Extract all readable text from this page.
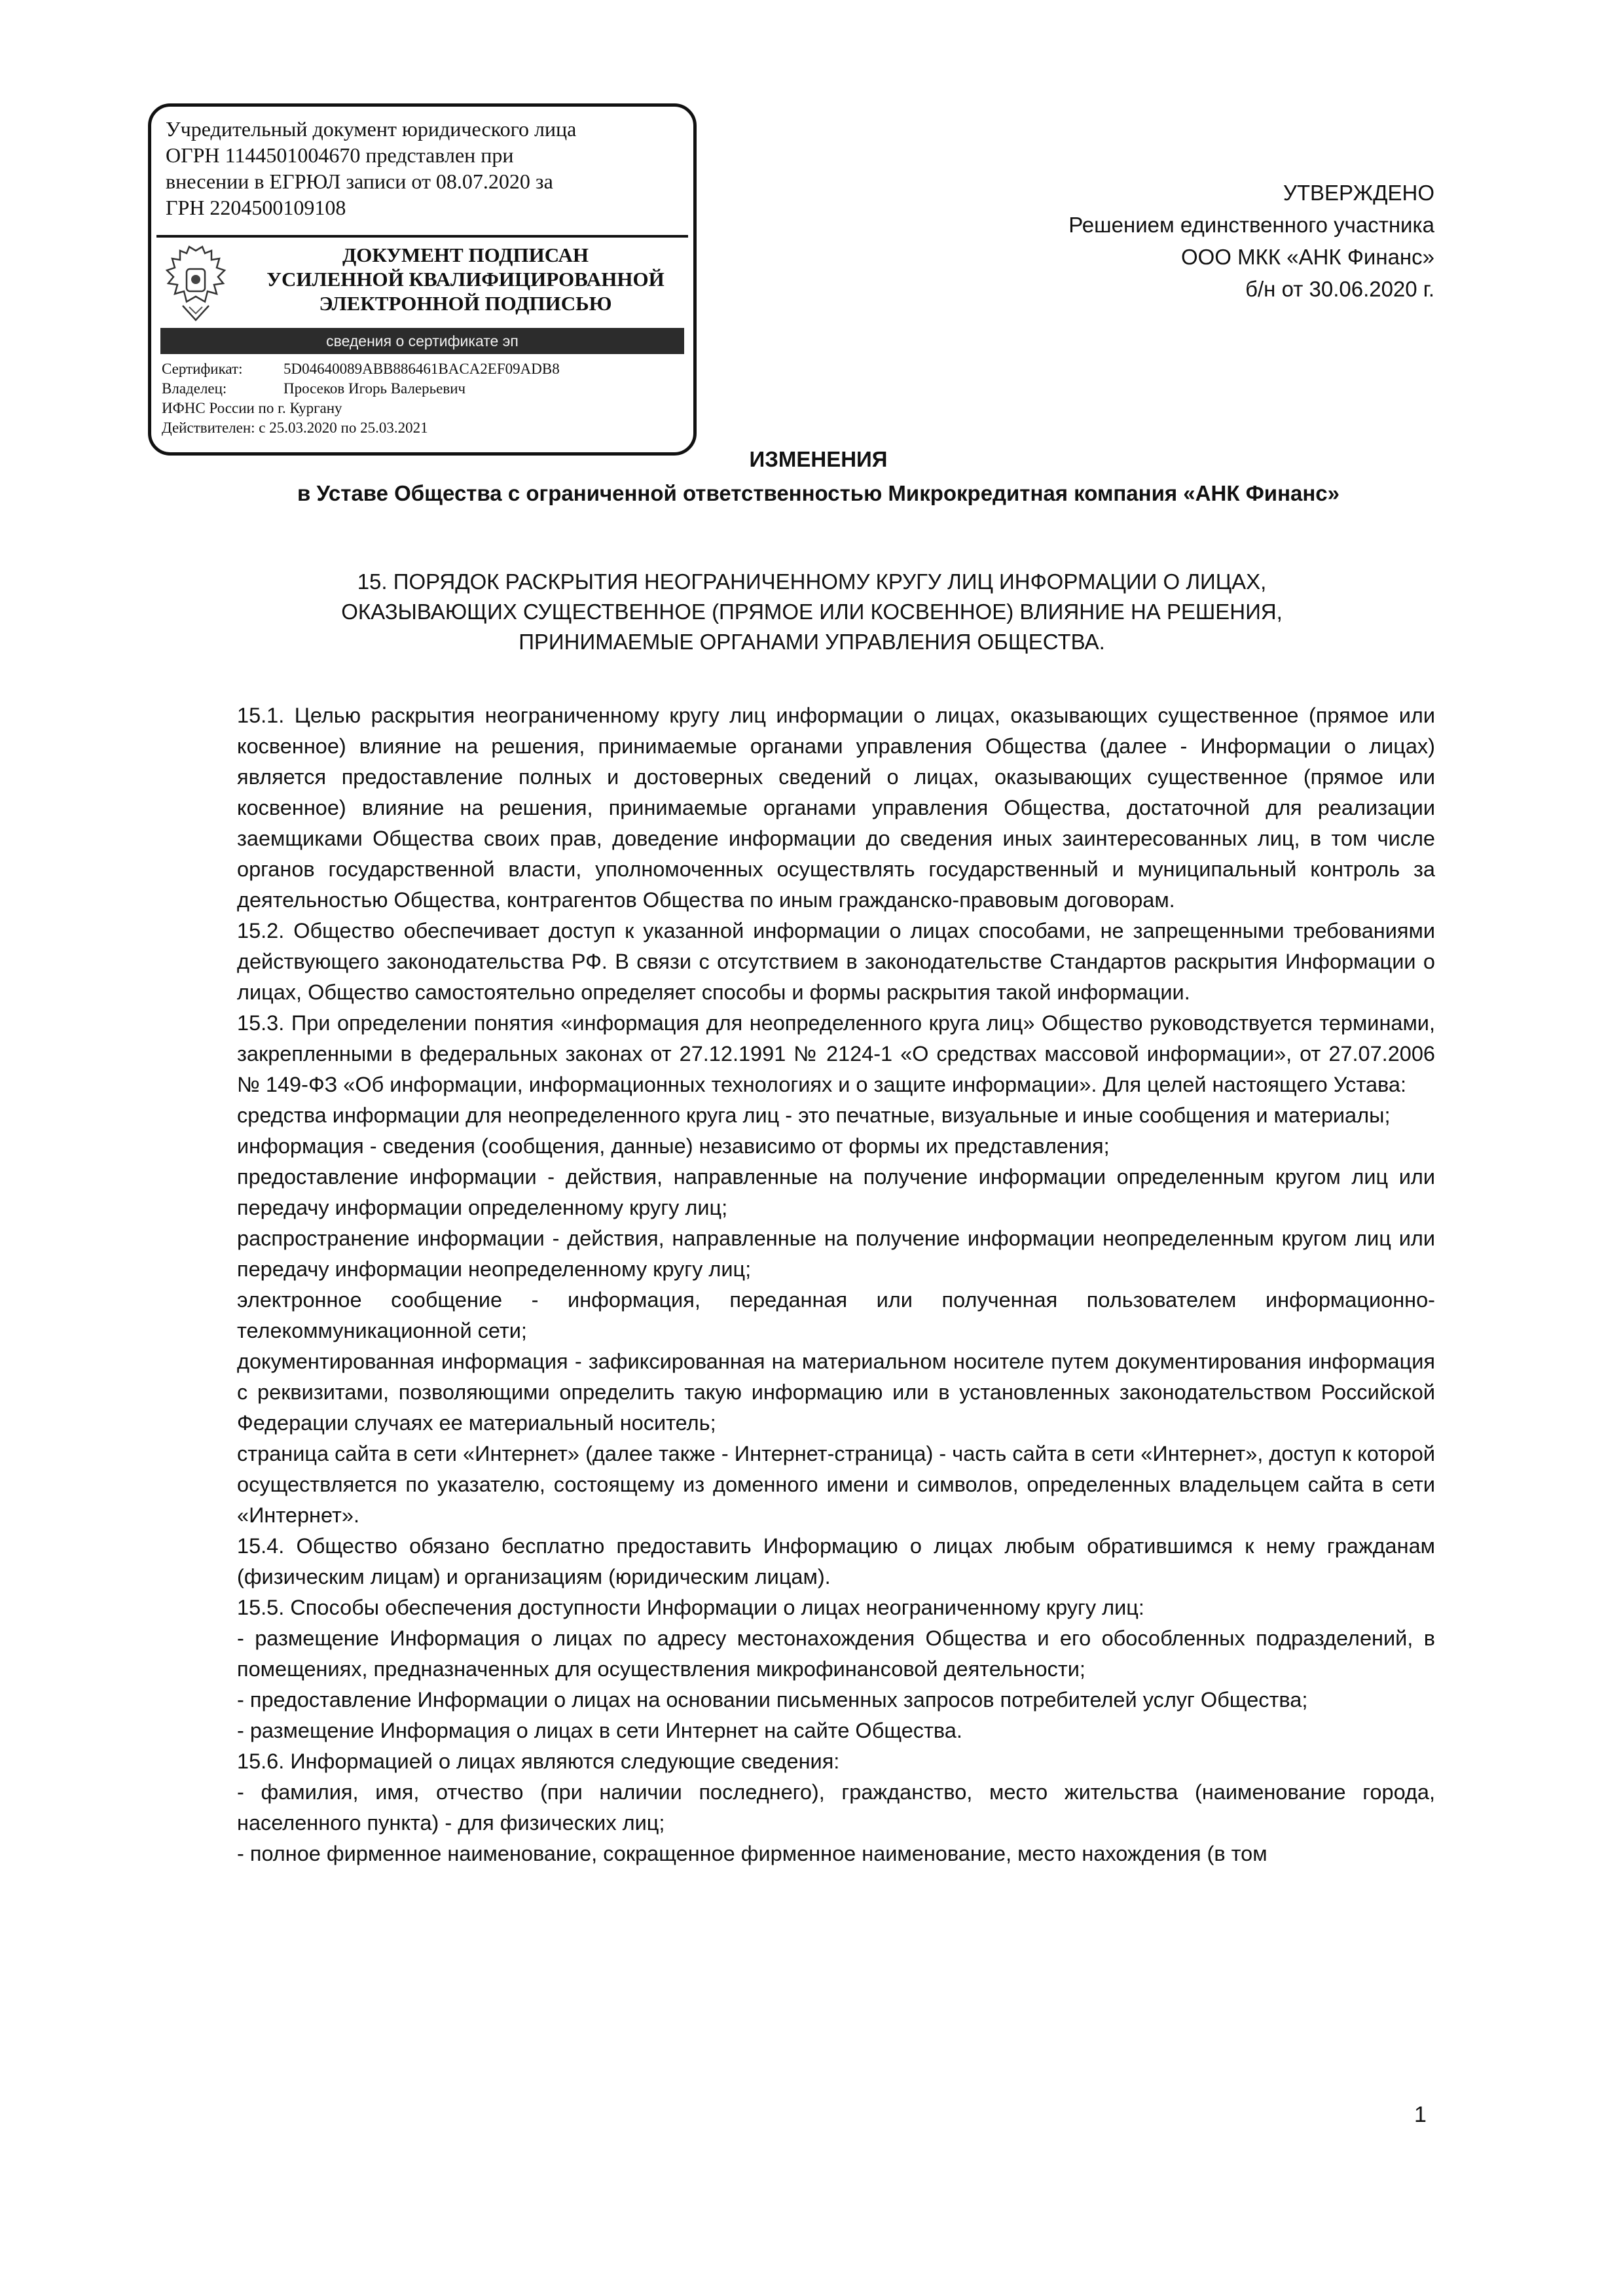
Учредительный документ юридического лица
ОГРН 1144501004670 представлен при
внесении в ЕГРЮЛ записи от 08.07.2020 за
ГРН 2204500109108
ДОКУМЕНТ ПОДПИСАН
УСИЛЕННОЙ КВАЛИФИЦИРОВАННОЙ
ЭЛЕКТРОННОЙ ПОДПИСЬЮ
сведения о сертификате эп
Сертификат:	5D04640089ABB886461BACA2EF09ADB8
Владелец:	Просеков Игорь Валерьевич
ИФНС России по г. Кургану
Действителен: с 25.03.2020 по 25.03.2021
УТВЕРЖДЕНО
Решением единственного участника
ООО МКК «АНК Финанс»
б/н от 30.06.2020 г.
ИЗМЕНЕНИЯ
в Уставе Общества с ограниченной ответственностью Микрокредитная компания «АНК Финанс»
15. ПОРЯДОК РАСКРЫТИЯ НЕОГРАНИЧЕННОМУ КРУГУ ЛИЦ ИНФОРМАЦИИ О ЛИЦАХ,
ОКАЗЫВАЮЩИХ СУЩЕСТВЕННОЕ (ПРЯМОЕ ИЛИ КОСВЕННОЕ) ВЛИЯНИЕ НА РЕШЕНИЯ,
ПРИНИМАЕМЫЕ ОРГАНАМИ УПРАВЛЕНИЯ ОБЩЕСТВА.

15.1. Целью раскрытия неограниченному кругу лиц информации о лицах, оказывающих существенное (прямое или косвенное) влияние на решения, принимаемые органами управления Общества (далее - Информации о лицах) является предоставление полных и достоверных сведений о лицах, оказывающих существенное (прямое или косвенное) влияние на решения, принимаемые органами управления Общества, достаточной для реализации заемщиками Общества своих прав, доведение информации до сведения иных заинтересованных лиц, в том числе органов государственной власти, уполномоченных осуществлять государственный и муниципальный контроль за деятельностью Общества, контрагентов Общества по иным гражданско-правовым договорам.

15.2. Общество обеспечивает доступ к указанной информации о лицах способами, не запрещенными требованиями действующего законодательства РФ. В связи с отсутствием в законодательстве Стандартов раскрытия Информации о лицах, Общество самостоятельно определяет способы и формы раскрытия такой информации.

15.3. При определении понятия «информация для неопределенного круга лиц» Общество руководствуется терминами, закрепленными в федеральных законах от 27.12.1991 № 2124-1 «О средствах массовой информации», от 27.07.2006 № 149-ФЗ «Об информации, информационных технологиях и о защите информации». Для целей настоящего Устава:

средства информации для неопределенного круга лиц - это печатные, визуальные и иные сообщения и материалы;

информация - сведения (сообщения, данные) независимо от формы их представления;

предоставление информации - действия, направленные на получение информации определенным кругом лиц или передачу информации определенному кругу лиц;

распространение информации - действия, направленные на получение информации неопределенным кругом лиц или передачу информации неопределенному кругу лиц;

электронное сообщение - информация, переданная или полученная пользователем информационно-телекоммуникационной сети;

документированная информация - зафиксированная на материальном носителе путем документирования информация с реквизитами, позволяющими определить такую информацию или в установленных законодательством Российской Федерации случаях ее материальный носитель;

страница сайта в сети «Интернет» (далее также - Интернет-страница) - часть сайта в сети «Интернет», доступ к которой осуществляется по указателю, состоящему из доменного имени и символов, определенных владельцем сайта в сети «Интернет».

15.4. Общество обязано бесплатно предоставить Информацию о лицах любым обратившимся к нему гражданам (физическим лицам) и организациям (юридическим лицам).

15.5. Способы обеспечения доступности Информации о лицах неограниченному кругу лиц:

- размещение Информация о лицах по адресу местонахождения Общества и его обособленных подразделений, в помещениях, предназначенных для осуществления микрофинансовой деятельности;

- предоставление Информации о лицах на основании письменных запросов потребителей услуг Общества;

- размещение Информация о лицах в сети Интернет на сайте Общества.

15.6. Информацией о лицах являются следующие сведения:

- фамилия, имя, отчество (при наличии последнего), гражданство, место жительства (наименование города, населенного пункта) - для физических лиц;

- полное фирменное наименование, сокращенное фирменное наименование, место нахождения (в том

1
